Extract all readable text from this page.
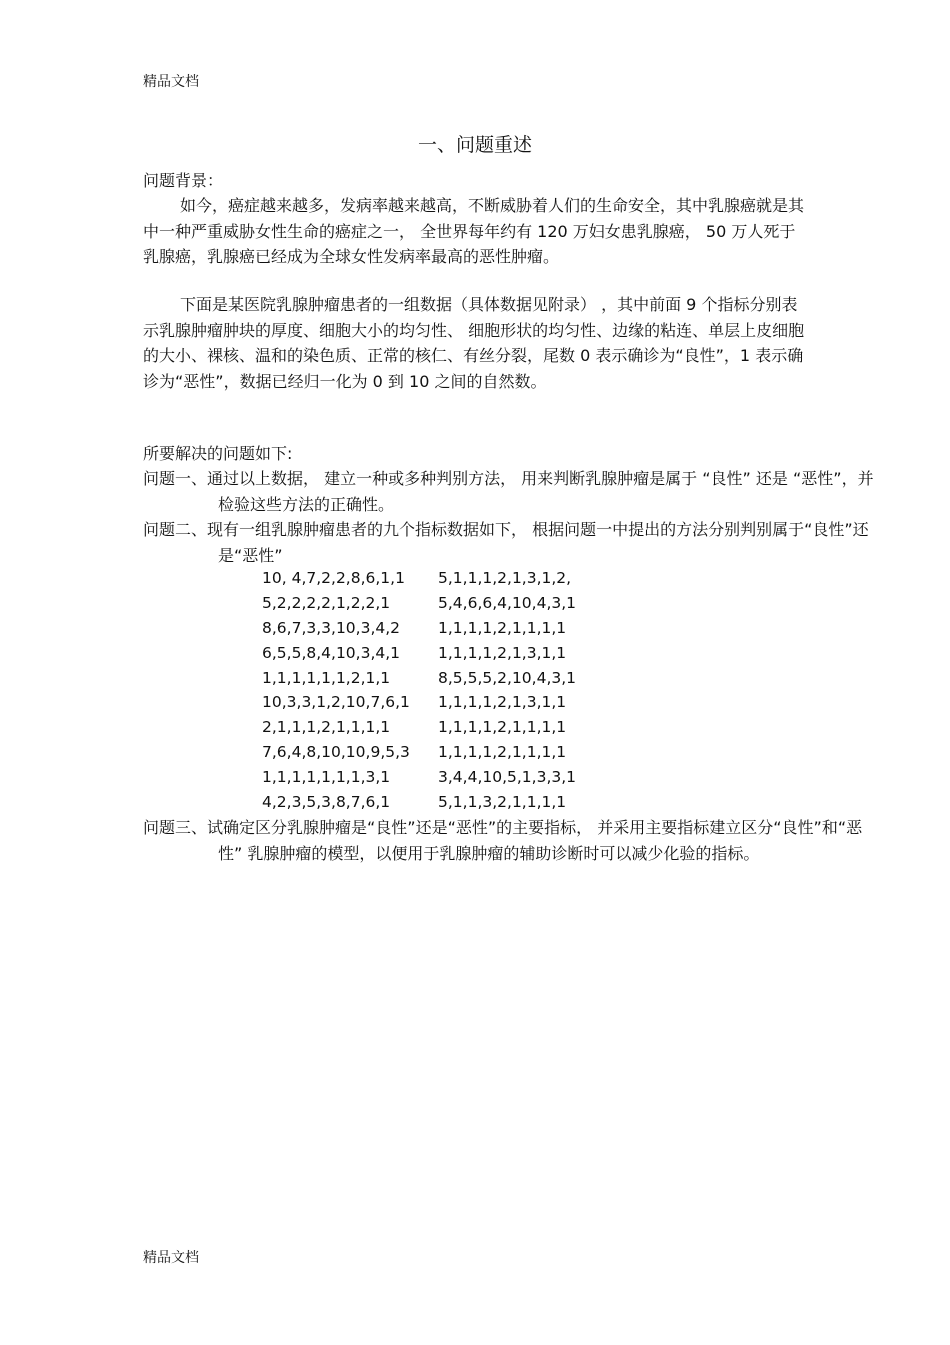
精品文档
一、问题重述
问题背景：
如今，癌症越来越多，发病率越来越高，不断威胁着人们的生命安全，其中乳腺癌就是其中一种严重威胁女性生命的癌症之一， 全世界每年约有 120 万妇女患乳腺癌， 50 万人死于乳腺癌，乳腺癌已经成为全球女性发病率最高的恶性肿瘤。
下面是某医院乳腺肿瘤患者的一组数据（具体数据见附录） ，其中前面 9 个指标分别表示乳腺肿瘤肿块的厚度、细胞大小的均匀性、 细胞形状的均匀性、边缘的粘连、单层上皮细胞的大小、裸核、温和的染色质、正常的核仁、有丝分裂，尾数 0 表示确诊为“良性”，1 表示确诊为“恶性”，数据已经归一化为 0 到 10 之间的自然数。
所要解决的问题如下:
问题一、通过以上数据， 建立一种或多种判别方法， 用来判断乳腺肿瘤是属于 “良性” 还是 “恶性”，并检验这些方法的正确性。
问题二、现有一组乳腺肿瘤患者的九个指标数据如下， 根据问题一中提出的方法分别判别属于“良性”还是“恶性”
10, 4,7,2,2,8,6,1,1	5,1,1,1,2,1,3,1,2,
5,2,2,2,2,1,2,2,1	5,4,6,6,4,10,4,3,1
8,6,7,3,3,10,3,4,2	1,1,1,1,2,1,1,1,1
6,5,5,8,4,10,3,4,1	1,1,1,1,2,1,3,1,1
1,1,1,1,1,1,2,1,1	8,5,5,5,2,10,4,3,1
10,3,3,1,2,10,7,6,1	1,1,1,1,2,1,3,1,1
2,1,1,1,2,1,1,1,1	1,1,1,1,2,1,1,1,1
7,6,4,8,10,10,9,5,3	1,1,1,1,2,1,1,1,1
1,1,1,1,1,1,1,3,1	3,4,4,10,5,1,3,3,1
4,2,3,5,3,8,7,6,1	5,1,1,3,2,1,1,1,1
问题三、试确定区分乳腺肿瘤是“良性”还是“恶性”的主要指标， 并采用主要指标建立区分“良性”和“恶性” 乳腺肿瘤的模型，以便用于乳腺肿瘤的辅助诊断时可以减少化验的指标。
精品文档
